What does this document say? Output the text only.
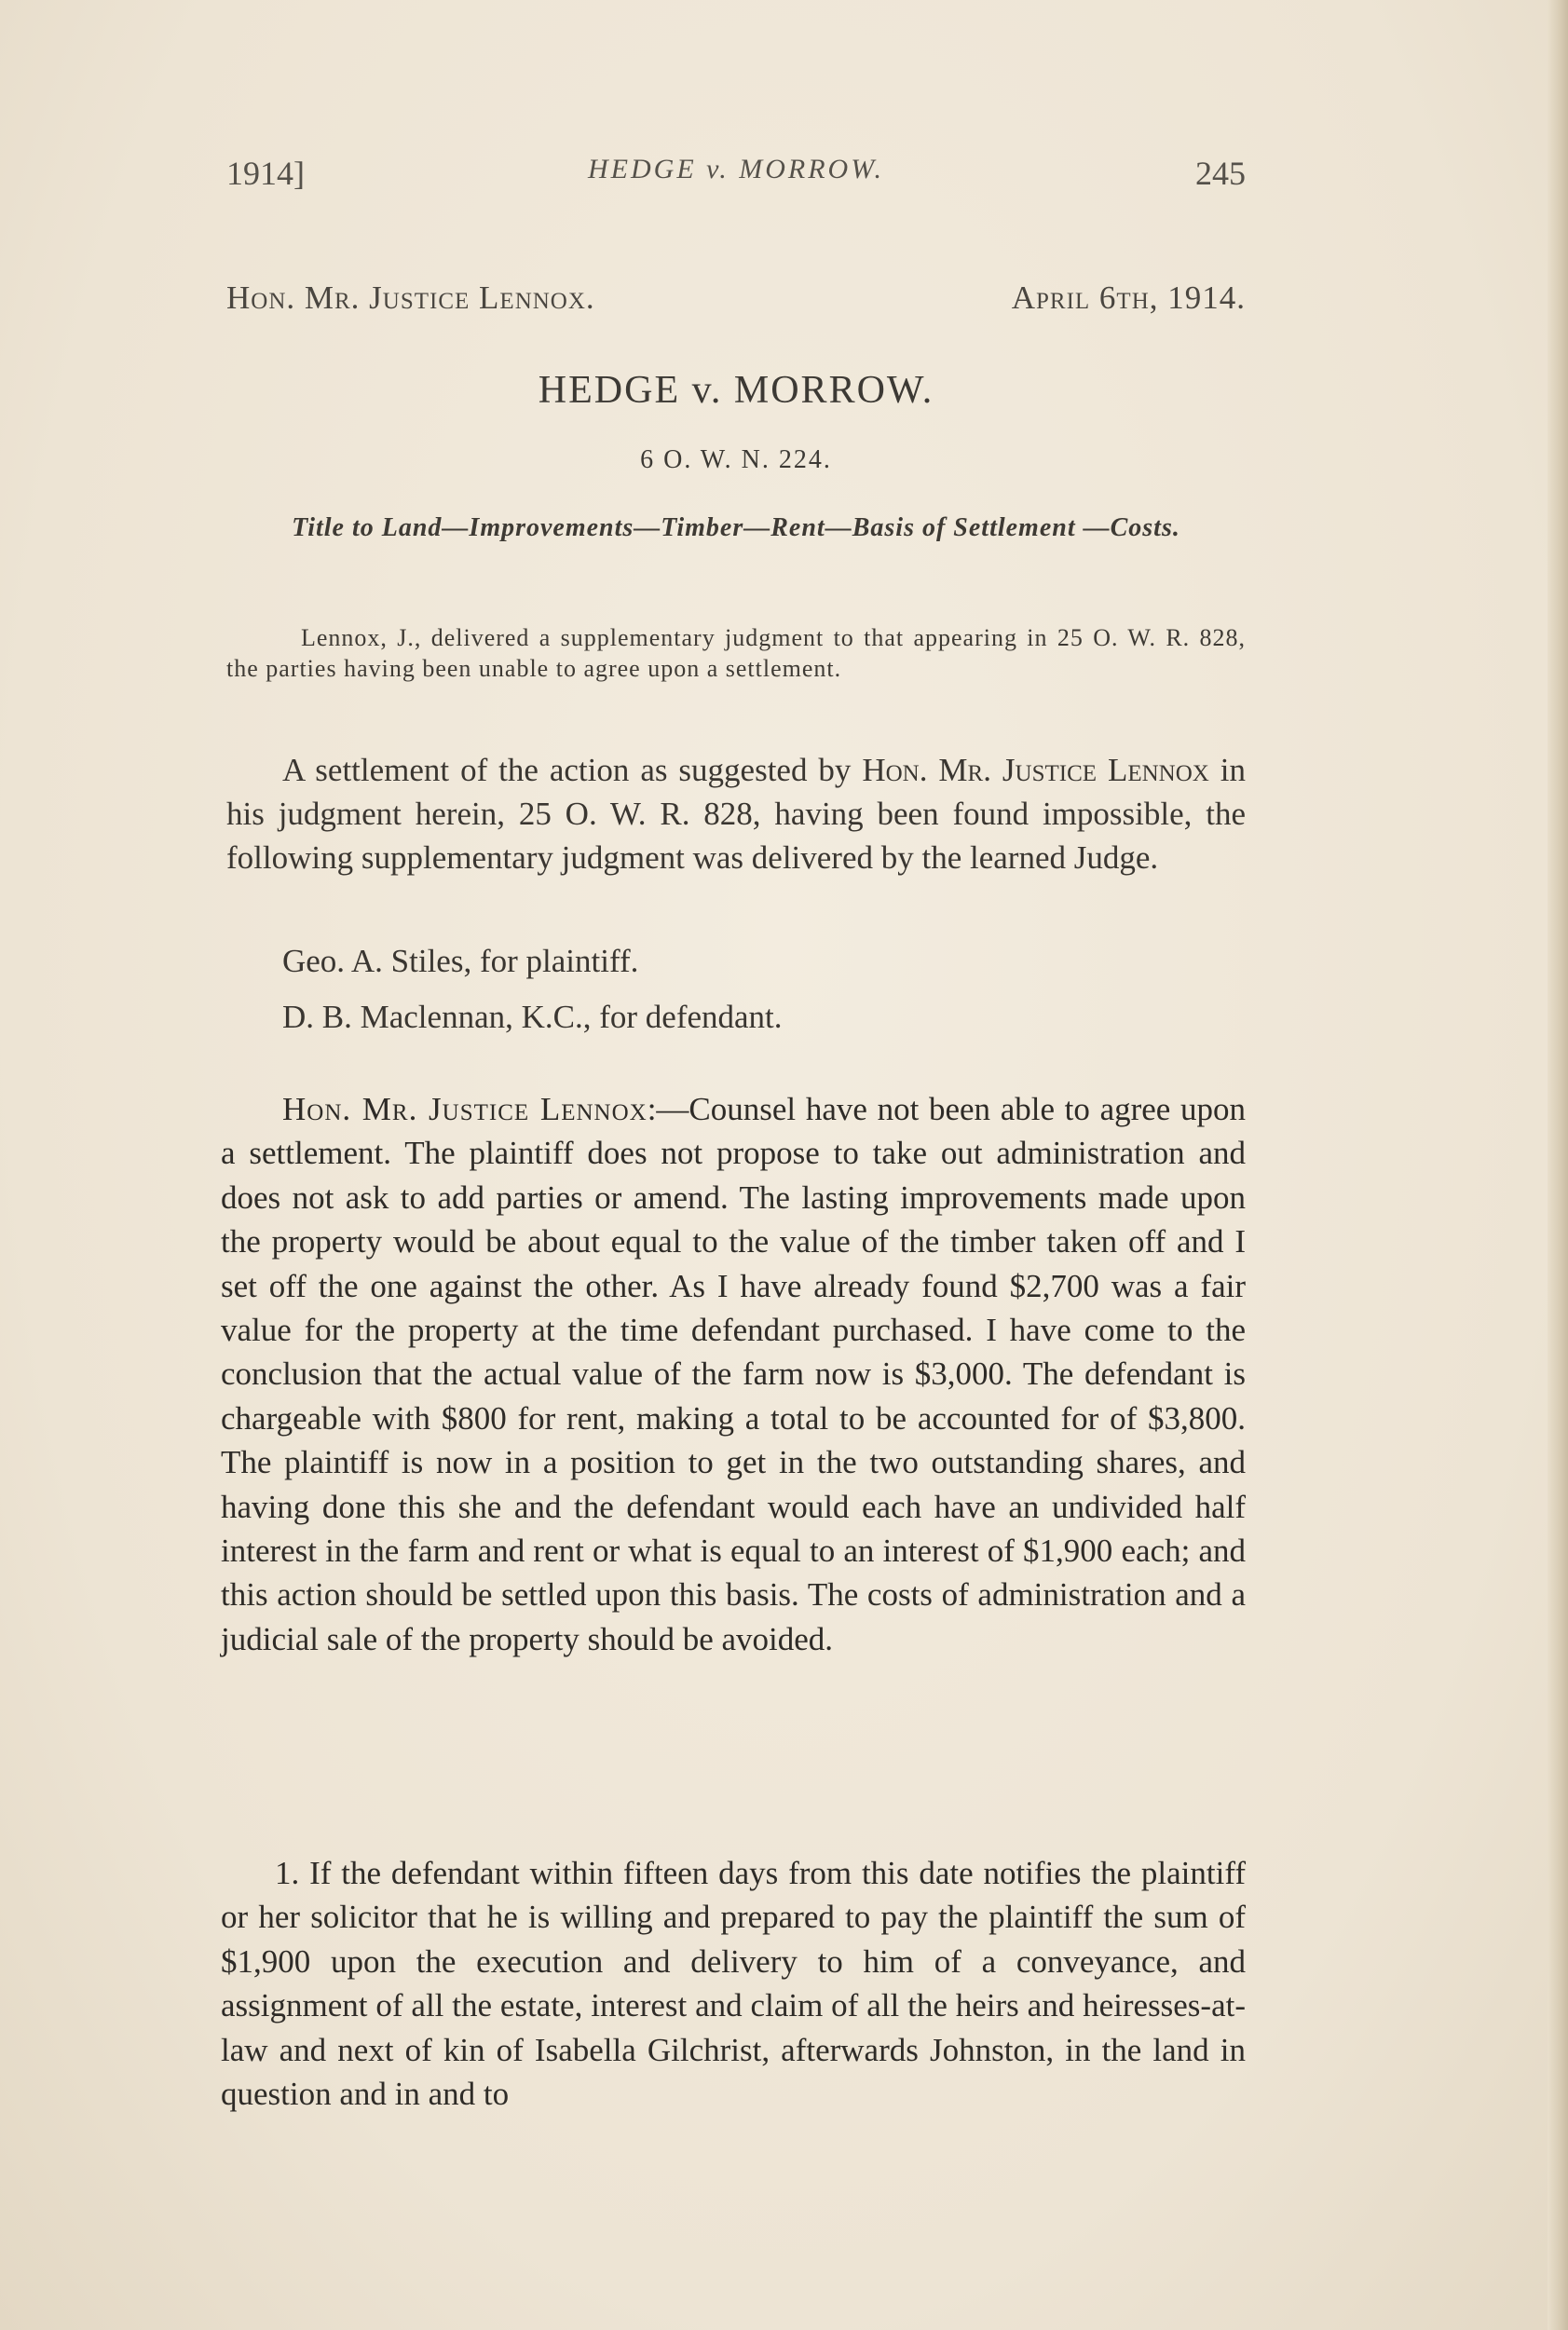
1914]	HEDGE v. MORROW.	245
Hon. Mr. Justice Lennox.	April 6th, 1914.
HEDGE v. MORROW.
6 O. W. N. 224.
Title to Land—Improvements—Timber—Rent—Basis of Settlement —Costs.
Lennox, J., delivered a supplementary judgment to that appearing in 25 O. W. R. 828, the parties having been unable to agree upon a settlement.

A settlement of the action as suggested by Hon. Mr. Justice Lennox in his judgment herein, 25 O. W. R. 828, having been found impossible, the following supplementary judgment was delivered by the learned Judge.

Geo. A. Stiles, for plaintiff.
D. B. Maclennan, K.C., for defendant.

Hon. Mr. Justice Lennox:—Counsel have not been able to agree upon a settlement. The plaintiff does not propose to take out administration and does not ask to add parties or amend. The lasting improvements made upon the property would be about equal to the value of the timber taken off and I set off the one against the other. As I have already found $2,700 was a fair value for the property at the time defendant purchased. I have come to the conclusion that the actual value of the farm now is $3,000. The defendant is chargeable with $800 for rent, making a total to be accounted for of $3,800. The plaintiff is now in a position to get in the two outstanding shares, and having done this she and the defendant would each have an undivided half interest in the farm and rent or what is equal to an interest of $1,900 each; and this action should be settled upon this basis. The costs of administration and a judicial sale of the property should be avoided.

1. If the defendant within fifteen days from this date notifies the plaintiff or her solicitor that he is willing and prepared to pay the plaintiff the sum of $1,900 upon the execution and delivery to him of a conveyance, and assignment of all the estate, interest and claim of all the heirs and heiresses-at-law and next of kin of Isabella Gilchrist, afterwards Johnston, in the land in question and in and to
